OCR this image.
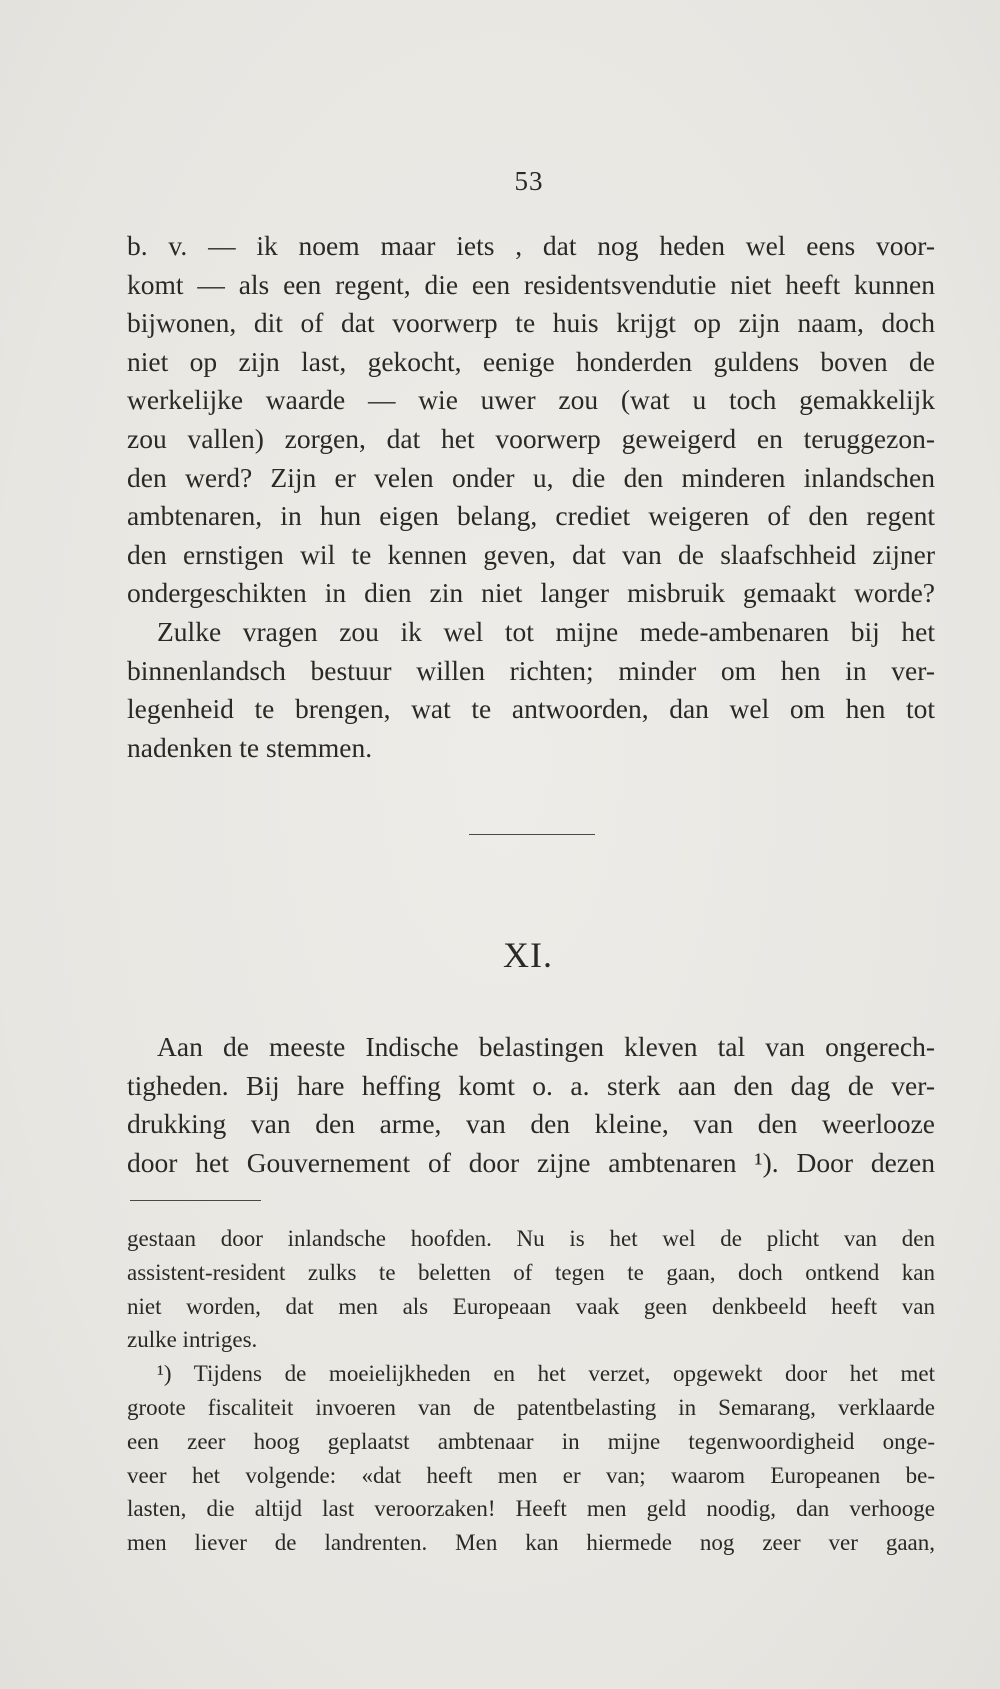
53
b. v. — ik noem maar iets , dat nog heden wel eens voor-
komt — als een regent, die een residentsvendutie niet heeft kunnen
bijwonen, dit of dat voorwerp te huis krijgt op zijn naam, doch
niet op zijn last, gekocht, eenige honderden guldens boven de
werkelijke waarde — wie uwer zou (wat u toch gemakkelijk
zou vallen) zorgen, dat het voorwerp geweigerd en teruggezon-
den werd? Zijn er velen onder u, die den minderen inlandschen
ambtenaren, in hun eigen belang, crediet weigeren of den regent
den ernstigen wil te kennen geven, dat van de slaafschheid zijner
ondergeschikten in dien zin niet langer misbruik gemaakt worde?
Zulke vragen zou ik wel tot mijne mede-ambenaren bij het
binnenlandsch bestuur willen richten; minder om hen in ver-
legenheid te brengen, wat te antwoorden, dan wel om hen tot
nadenken te stemmen.
XI.
Aan de meeste Indische belastingen kleven tal van ongerech-
tigheden. Bij hare heffing komt o. a. sterk aan den dag de ver-
drukking van den arme, van den kleine, van den weerlooze
door het Gouvernement of door zijne ambtenaren ¹). Door dezen
gestaan door inlandsche hoofden. Nu is het wel de plicht van den
assistent-resident zulks te beletten of tegen te gaan, doch ontkend kan
niet worden, dat men als Europeaan vaak geen denkbeeld heeft van
zulke intriges.
¹) Tijdens de moeielijkheden en het verzet, opgewekt door het met
groote fiscaliteit invoeren van de patentbelasting in Semarang, verklaarde
een zeer hoog geplaatst ambtenaar in mijne tegenwoordigheid onge-
veer het volgende: «dat heeft men er van; waarom Europeanen be-
lasten, die altijd last veroorzaken! Heeft men geld noodig, dan verhooge
men liever de landrenten. Men kan hiermede nog zeer ver gaan,
